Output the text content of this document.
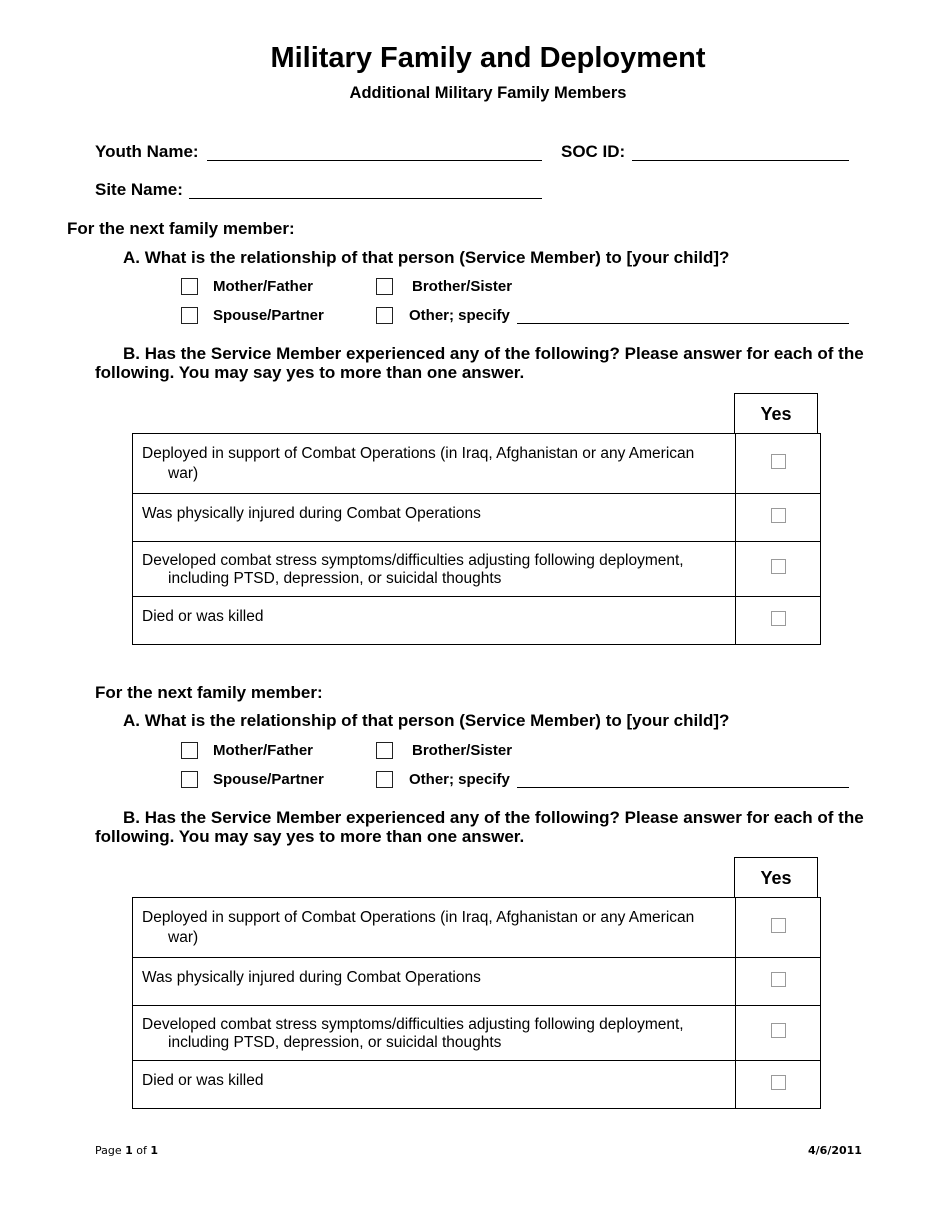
Military Family and Deployment
Additional Military Family Members
Youth Name:	SOC ID:
Site Name:
For the next family member:
A. What is the relationship of that person (Service Member) to [your child]?
Mother/Father	Brother/Sister
Spouse/Partner	Other; specify
B. Has the Service Member experienced any of the following? Please answer for each of the
following. You may say yes to more than one answer.
Yes
Deployed in support of Combat Operations (in Iraq, Afghanistan or any American
war)	

Was physically injured during Combat Operations	

Developed combat stress symptoms/difficulties adjusting following deployment,
including PTSD, depression, or suicidal thoughts	

Died or was killed	

For the next family member:
A. What is the relationship of that person (Service Member) to [your child]?
Mother/Father	Brother/Sister
Spouse/Partner	Other; specify
B. Has the Service Member experienced any of the following? Please answer for each of the
following. You may say yes to more than one answer.
Yes
Deployed in support of Combat Operations (in Iraq, Afghanistan or any American
war)	

Was physically injured during Combat Operations	

Developed combat stress symptoms/difficulties adjusting following deployment,
including PTSD, depression, or suicidal thoughts	

Died or was killed	

Page 1 of 1	4/6/2011
